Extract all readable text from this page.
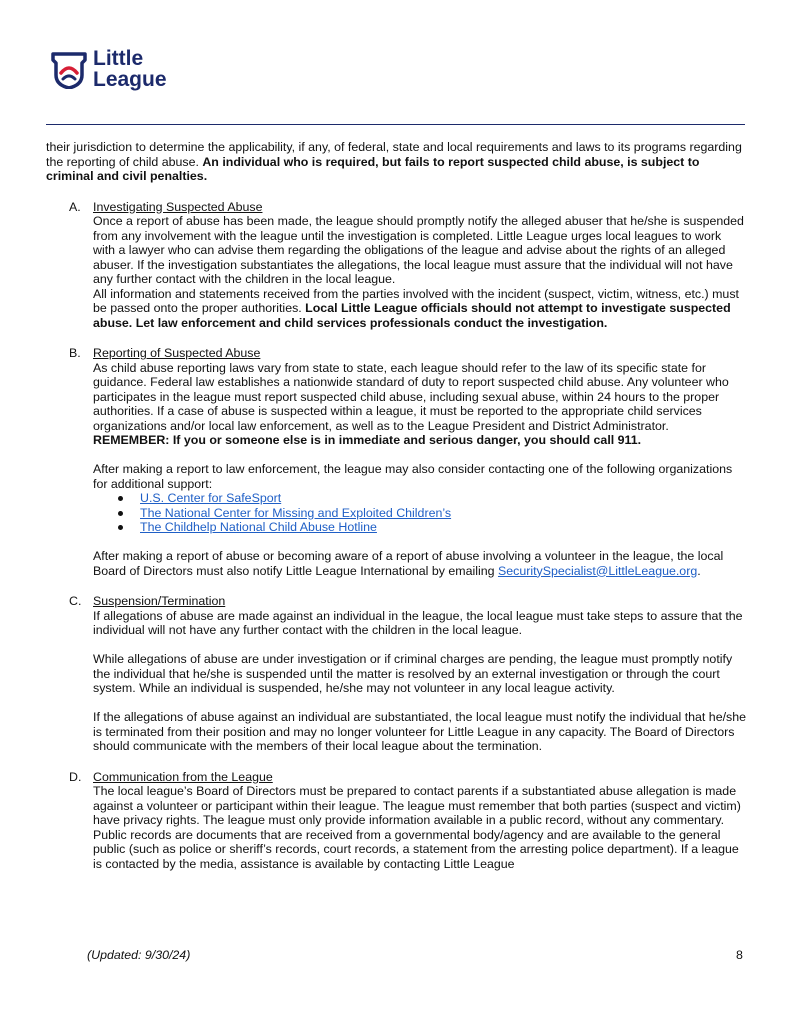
Little
League

their jurisdiction to determine the applicability, if any, of federal, state and local requirements and laws to its programs regarding the reporting of child abuse. An individual who is required, but fails to report suspected child abuse, is subject to criminal and civil penalties.

A. Investigating Suspected Abuse

Once a report of abuse has been made, the league should promptly notify the alleged abuser that he/she is suspended from any involvement with the league until the investigation is completed. Little League urges local leagues to work with a lawyer who can advise them regarding the obligations of the league and advise about the rights of an alleged abuser. If the investigation substantiates the allegations, the local league must assure that the individual will not have any further contact with the children in the local league.

All information and statements received from the parties involved with the incident (suspect, victim, witness, etc.) must be passed onto the proper authorities. Local Little League officials should not attempt to investigate suspected abuse. Let law enforcement and child services professionals conduct the investigation.

B. Reporting of Suspected Abuse

As child abuse reporting laws vary from state to state, each league should refer to the law of its specific state for guidance. Federal law establishes a nationwide standard of duty to report suspected child abuse. Any volunteer who participates in the league must report suspected child abuse, including sexual abuse, within 24 hours to the proper authorities. If a case of abuse is suspected within a league, it must be reported to the appropriate child services organizations and/or local law enforcement, as well as to the League President and District Administrator. REMEMBER: If you or someone else is in immediate and serious danger, you should call 911.

After making a report to law enforcement, the league may also consider contacting one of the following organizations for additional support:

U.S. Center for SafeSport
The National Center for Missing and Exploited Children’s
The Childhelp National Child Abuse Hotline

After making a report of abuse or becoming aware of a report of abuse involving a volunteer in the league, the local Board of Directors must also notify Little League International by emailing SecuritySpecialist@LittleLeague.org.

C. Suspension/Termination

If allegations of abuse are made against an individual in the league, the local league must take steps to assure that the individual will not have any further contact with the children in the local league.

While allegations of abuse are under investigation or if criminal charges are pending, the league must promptly notify the individual that he/she is suspended until the matter is resolved by an external investigation or through the court system. While an individual is suspended, he/she may not volunteer in any local league activity.

If the allegations of abuse against an individual are substantiated, the local league must notify the individual that he/she is terminated from their position and may no longer volunteer for Little League in any capacity. The Board of Directors should communicate with the members of their local league about the termination.

D. Communication from the League

The local league’s Board of Directors must be prepared to contact parents if a substantiated abuse allegation is made against a volunteer or participant within their league. The league must remember that both parties (suspect and victim) have privacy rights. The league must only provide information available in a public record, without any commentary. Public records are documents that are received from a governmental body/agency and are available to the general public (such as police or sheriff’s records, court records, a statement from the arresting police department). If a league is contacted by the media, assistance is available by contacting Little League

(Updated: 9/30/24)	8
